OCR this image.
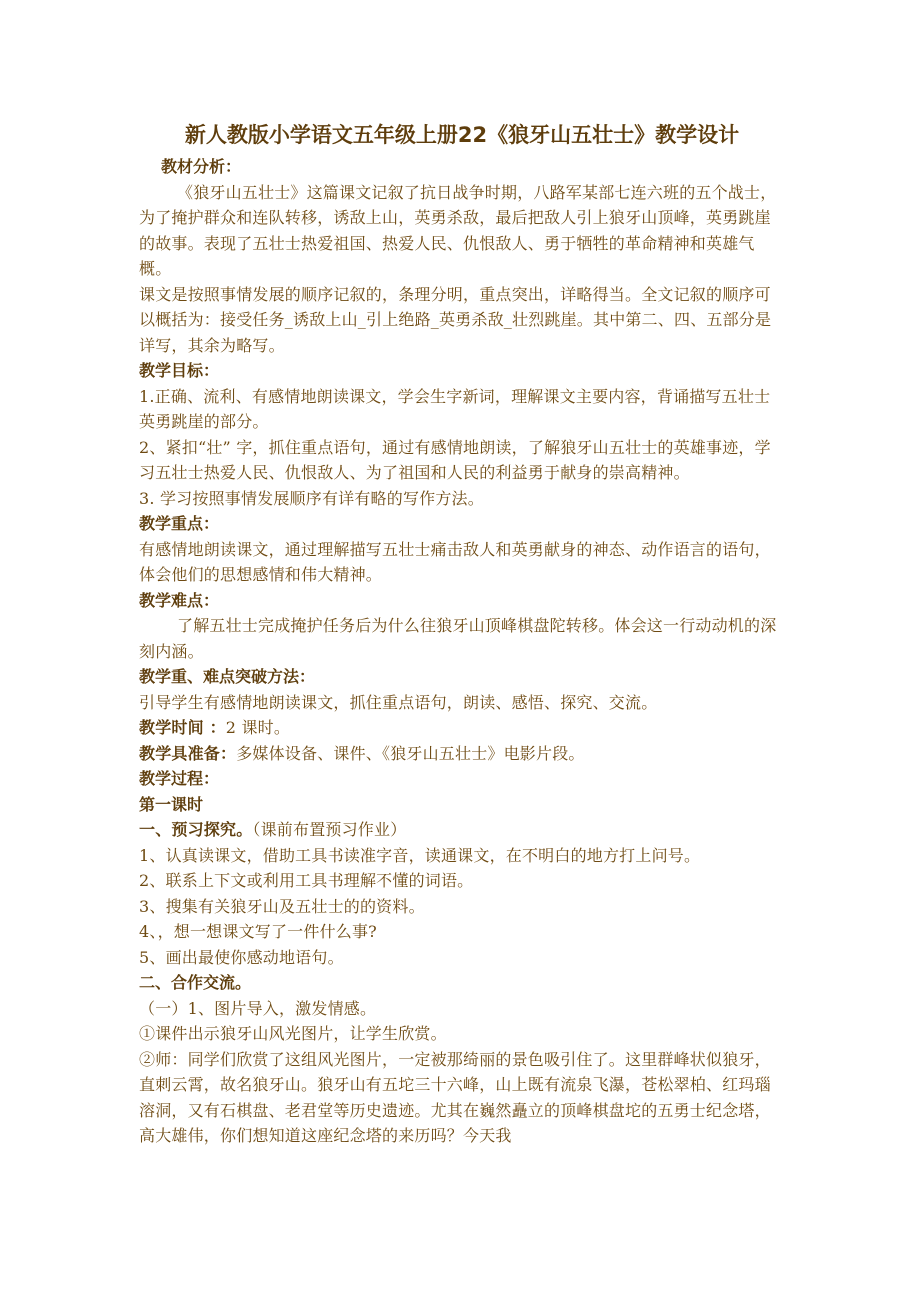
新人教版小学语文五年级上册22《狼牙山五壮士》教学设计
教材分析：

《狼牙山五壮士》这篇课文记叙了抗日战争时期，八路军某部七连六班的五个战士，为了掩护群众和连队转移，诱敌上山，英勇杀敌，最后把敌人引上狼牙山顶峰，英勇跳崖的故事。表现了五壮士热爱祖国、热爱人民、仇恨敌人、勇于牺牲的革命精神和英雄气概。

课文是按照事情发展的顺序记叙的，条理分明，重点突出，详略得当。全文记叙的顺序可以概括为：接受任务_诱敌上山_引上绝路_英勇杀敌_壮烈跳崖。其中第二、四、五部分是详写，其余为略写。

教学目标：

1.正确、流利、有感情地朗读课文，学会生字新词，理解课文主要内容，背诵描写五壮士英勇跳崖的部分。

2、紧扣“壮” 字，抓住重点语句，通过有感情地朗读，了解狼牙山五壮士的英雄事迹，学习五壮士热爱人民、仇恨敌人、为了祖国和人民的利益勇于献身的崇高精神。

3. 学习按照事情发展顺序有详有略的写作方法。

教学重点：

有感情地朗读课文，通过理解描写五壮士痛击敌人和英勇献身的神态、动作语言的语句，体会他们的思想感情和伟大精神。

教学难点：

了解五壮士完成掩护任务后为什么往狼牙山顶峰棋盘陀转移。体会这一行动动机的深刻内涵。

教学重、难点突破方法：

引导学生有感情地朗读课文，抓住重点语句，朗读、感悟、探究、交流。

教学时间 ：2 课时。

教学具准备：多媒体设备、课件、《狼牙山五壮士》电影片段。

教学过程：
第一课时

一、预习探究。（课前布置预习作业）

1、认真读课文，借助工具书读准字音，读通课文，在不明白的地方打上问号。

2、联系上下文或利用工具书理解不懂的词语。

3、搜集有关狼牙山及五壮士的的资料。

4、，想一想课文写了一件什么事?

5、画出最使你感动地语句。

二、合作交流。

（一）1、图片导入，激发情感。

①课件出示狼牙山风光图片，让学生欣赏。

②师：同学们欣赏了这组风光图片，一定被那绮丽的景色吸引住了。这里群峰状似狼牙，直刺云霄，故名狼牙山。狼牙山有五坨三十六峰，山上既有流泉飞瀑，苍松翠柏、红玛瑙溶洞，又有石棋盘、老君堂等历史遗迹。尤其在巍然矗立的顶峰棋盘坨的五勇士纪念塔，高大雄伟，你们想知道这座纪念塔的来历吗？今天我
